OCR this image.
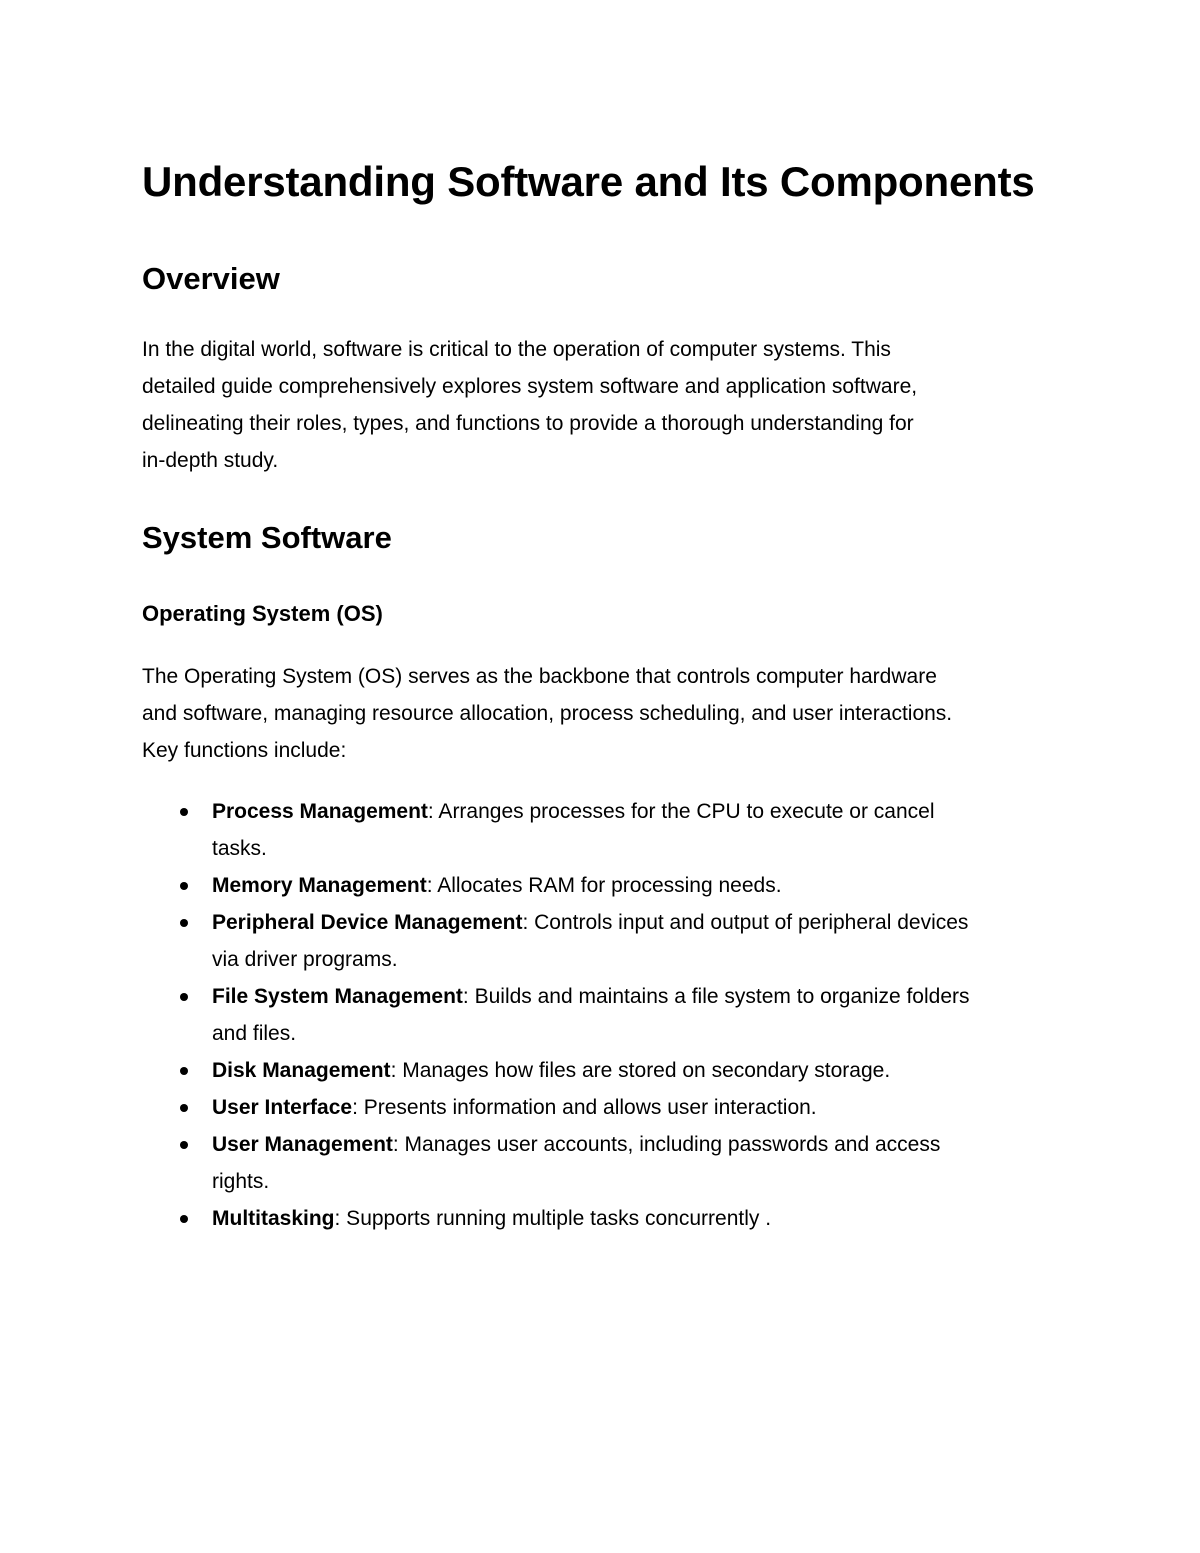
Understanding Software and Its Components
Overview

In the digital world, software is critical to the operation of computer systems. This
detailed guide comprehensively explores system software and application software,
delineating their roles, types, and functions to provide a thorough understanding for
in-depth study.

System Software
Operating System (OS)

The Operating System (OS) serves as the backbone that controls computer hardware
and software, managing resource allocation, process scheduling, and user interactions.
Key functions include:

Process Management: Arranges processes for the CPU to execute or cancel
tasks.
Memory Management: Allocates RAM for processing needs.
Peripheral Device Management: Controls input and output of peripheral devices
via driver programs.
File System Management: Builds and maintains a file system to organize folders
and files.
Disk Management: Manages how files are stored on secondary storage.
User Interface: Presents information and allows user interaction.
User Management: Manages user accounts, including passwords and access
rights.
Multitasking: Supports running multiple tasks concurrently .
